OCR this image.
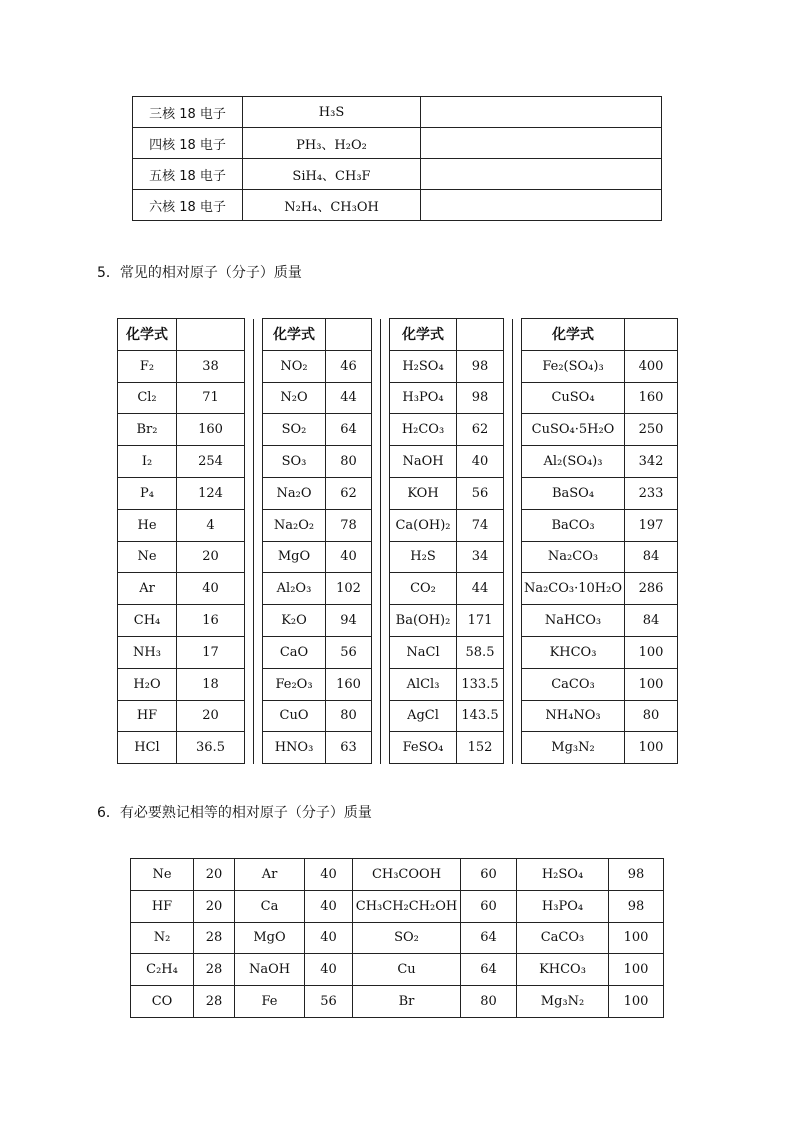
三核 18 电子	H₃S	
四核 18 电子	PH₃、H₂O₂	
五核 18 电子	SiH₄、CH₃F	
六核 18 电子	N₂H₄、CH₃OH	
5．常见的相对原子（分子）质量
化学式				化学式				化学式				化学式	
F₂	38			NO₂	46			H₂SO₄	98			Fe₂(SO₄)₃	400
Cl₂	71			N₂O	44			H₃PO₄	98			CuSO₄	160
Br₂	160			SO₂	64			H₂CO₃	62			CuSO₄·5H₂O	250
I₂	254			SO₃	80			NaOH	40			Al₂(SO₄)₃	342
P₄	124			Na₂O	62			KOH	56			BaSO₄	233
He	4			Na₂O₂	78			Ca(OH)₂	74			BaCO₃	197
Ne	20			MgO	40			H₂S	34			Na₂CO₃	84
Ar	40			Al₂O₃	102			CO₂	44			Na₂CO₃·10H₂O	286
CH₄	16			K₂O	94			Ba(OH)₂	171			NaHCO₃	84
NH₃	17			CaO	56			NaCl	58.5			KHCO₃	100
H₂O	18			Fe₂O₃	160			AlCl₃	133.5			CaCO₃	100
HF	20			CuO	80			AgCl	143.5			NH₄NO₃	80
HCl	36.5			HNO₃	63			FeSO₄	152			Mg₃N₂	100
6．有必要熟记相等的相对原子（分子）质量
Ne	20	Ar	40	CH₃COOH	60	H₂SO₄	98
HF	20	Ca	40	CH₃CH₂CH₂OH	60	H₃PO₄	98
N₂	28	MgO	40	SO₂	64	CaCO₃	100
C₂H₄	28	NaOH	40	Cu	64	KHCO₃	100
CO	28	Fe	56	Br	80	Mg₃N₂	100
